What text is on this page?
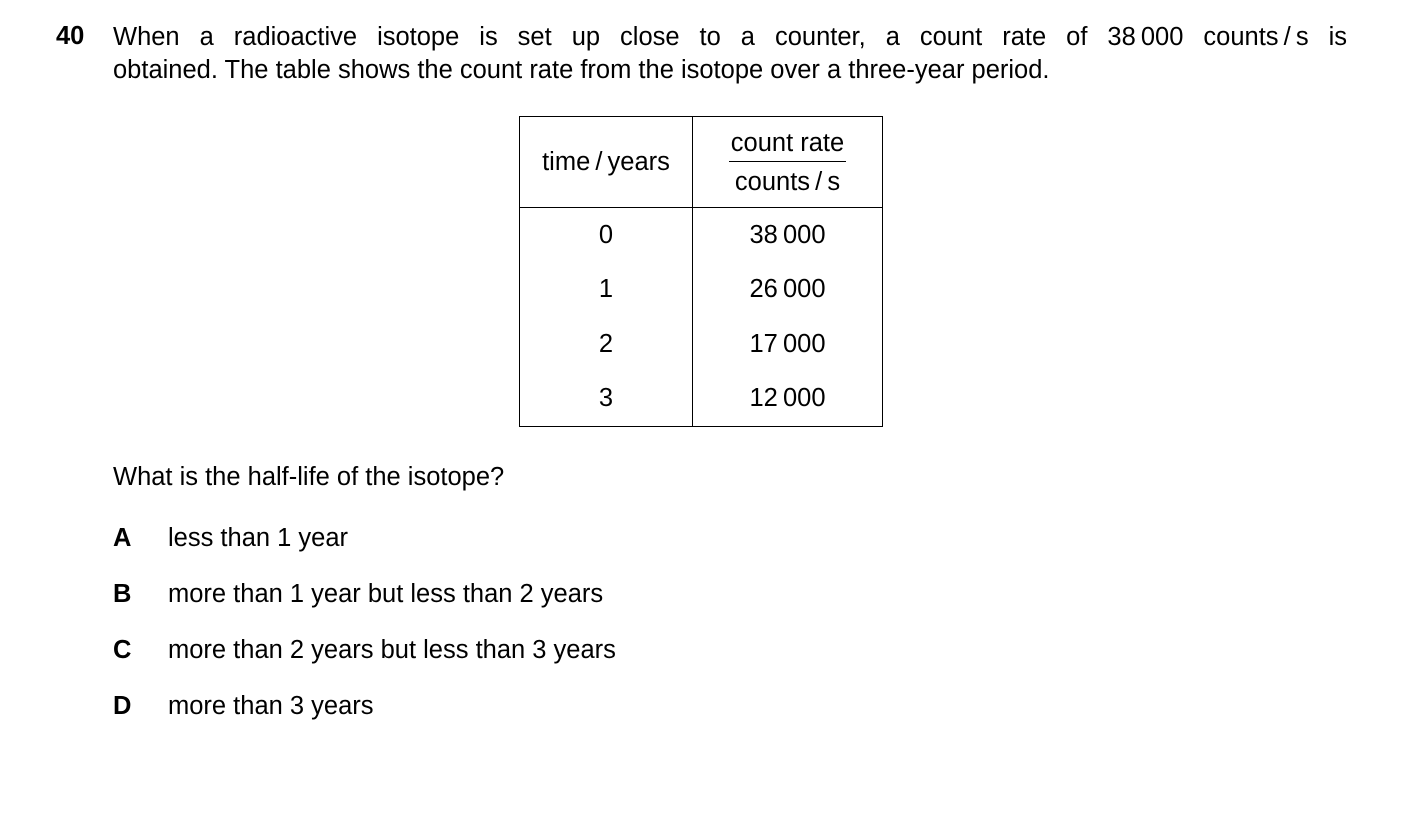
40 When a radioactive isotope is set up close to a counter, a count rate of 38 000 counts / s is

obtained. The table shows the count rate from the isotope over a three-year period.

time / years	$\frac{\text{count rate}}{\text{counts / s}}$

0	38 000
1	26 000
2	17 000
3	12 000
What is the half-life of the isotope?
A less than 1 year
B more than 1 year but less than 2 years
C more than 2 years but less than 3 years
D more than 3 years
